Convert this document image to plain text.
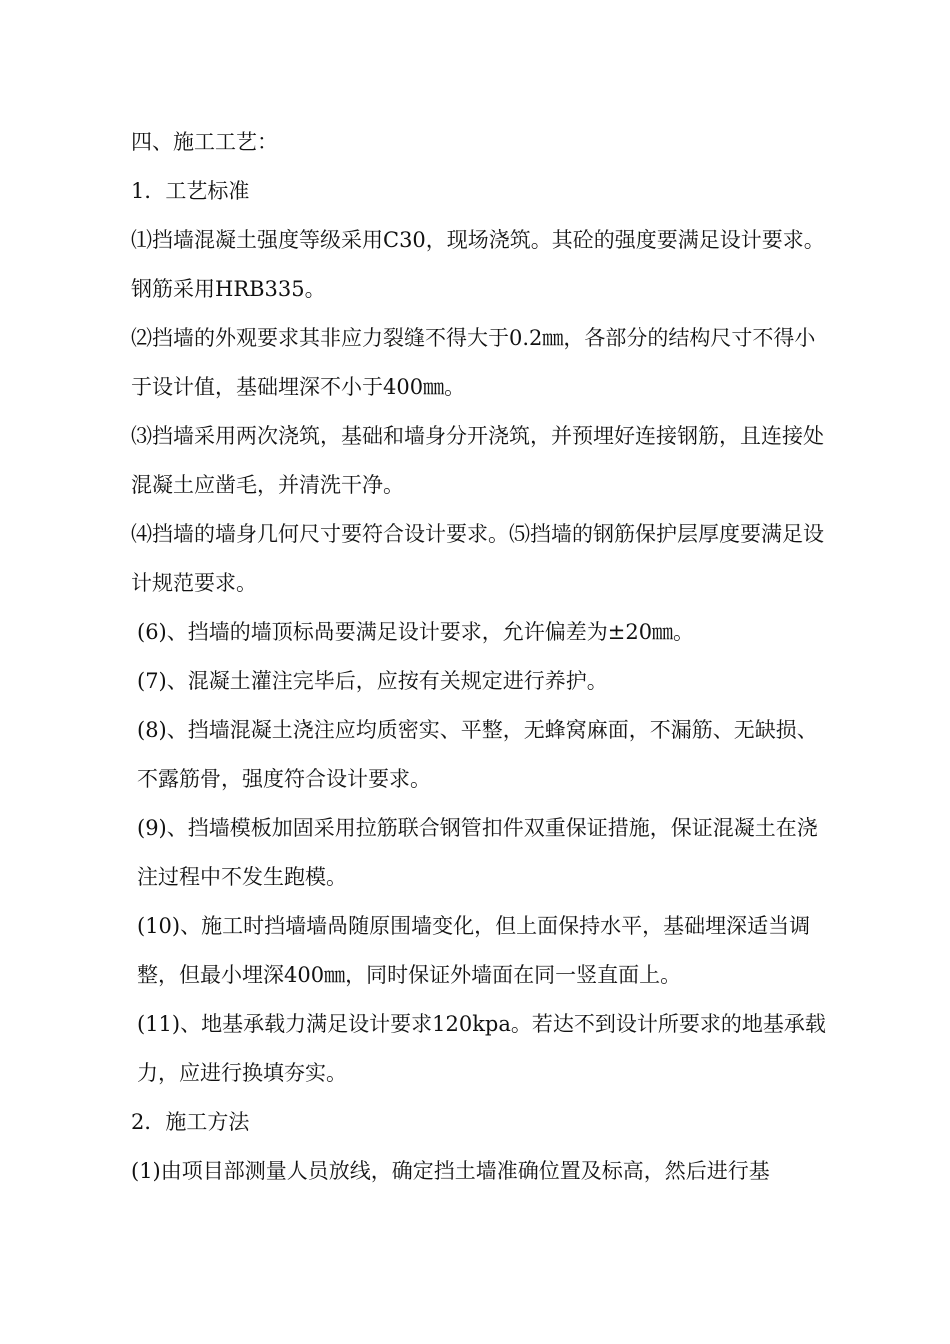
四、施工工艺：

1．工艺标准

⑴挡墙混凝土强度等级采用C30，现场浇筑。其砼的强度要满足设计要求。钢筋采用HRB335。

⑵挡墙的外观要求其非应力裂缝不得大于0.2㎜，各部分的结构尺寸不得小于设计值，基础埋深不小于400㎜。

⑶挡墙采用两次浇筑，基础和墙身分开浇筑，并预埋好连接钢筋，且连接处混凝土应凿毛，并清洗干净。

⑷挡墙的墙身几何尺寸要符合设计要求。⑸挡墙的钢筋保护层厚度要满足设计规范要求。

(6)、挡墙的墙顶标咼要满足设计要求，允许偏差为±20㎜。

(7)、混凝土灌注完毕后，应按有关规定进行养护。

(8)、挡墙混凝土浇注应均质密实、平整，无蜂窝麻面，不漏筋、无缺损、不露筋骨，强度符合设计要求。

(9)、挡墙模板加固采用拉筋联合钢管扣件双重保证措施，保证混凝土在浇注过程中不发生跑模。

(10)、施工时挡墙墙咼随原围墙变化，但上面保持水平，基础埋深适当调整，但最小埋深400㎜，同时保证外墙面在同一竖直面上。

(11)、地基承载力满足设计要求120kpa。若达不到设计所要求的地基承载力，应进行换填夯实。

2．施工方法

(1)由项目部测量人员放线，确定挡土墙准确位置及标高，然后进行基
